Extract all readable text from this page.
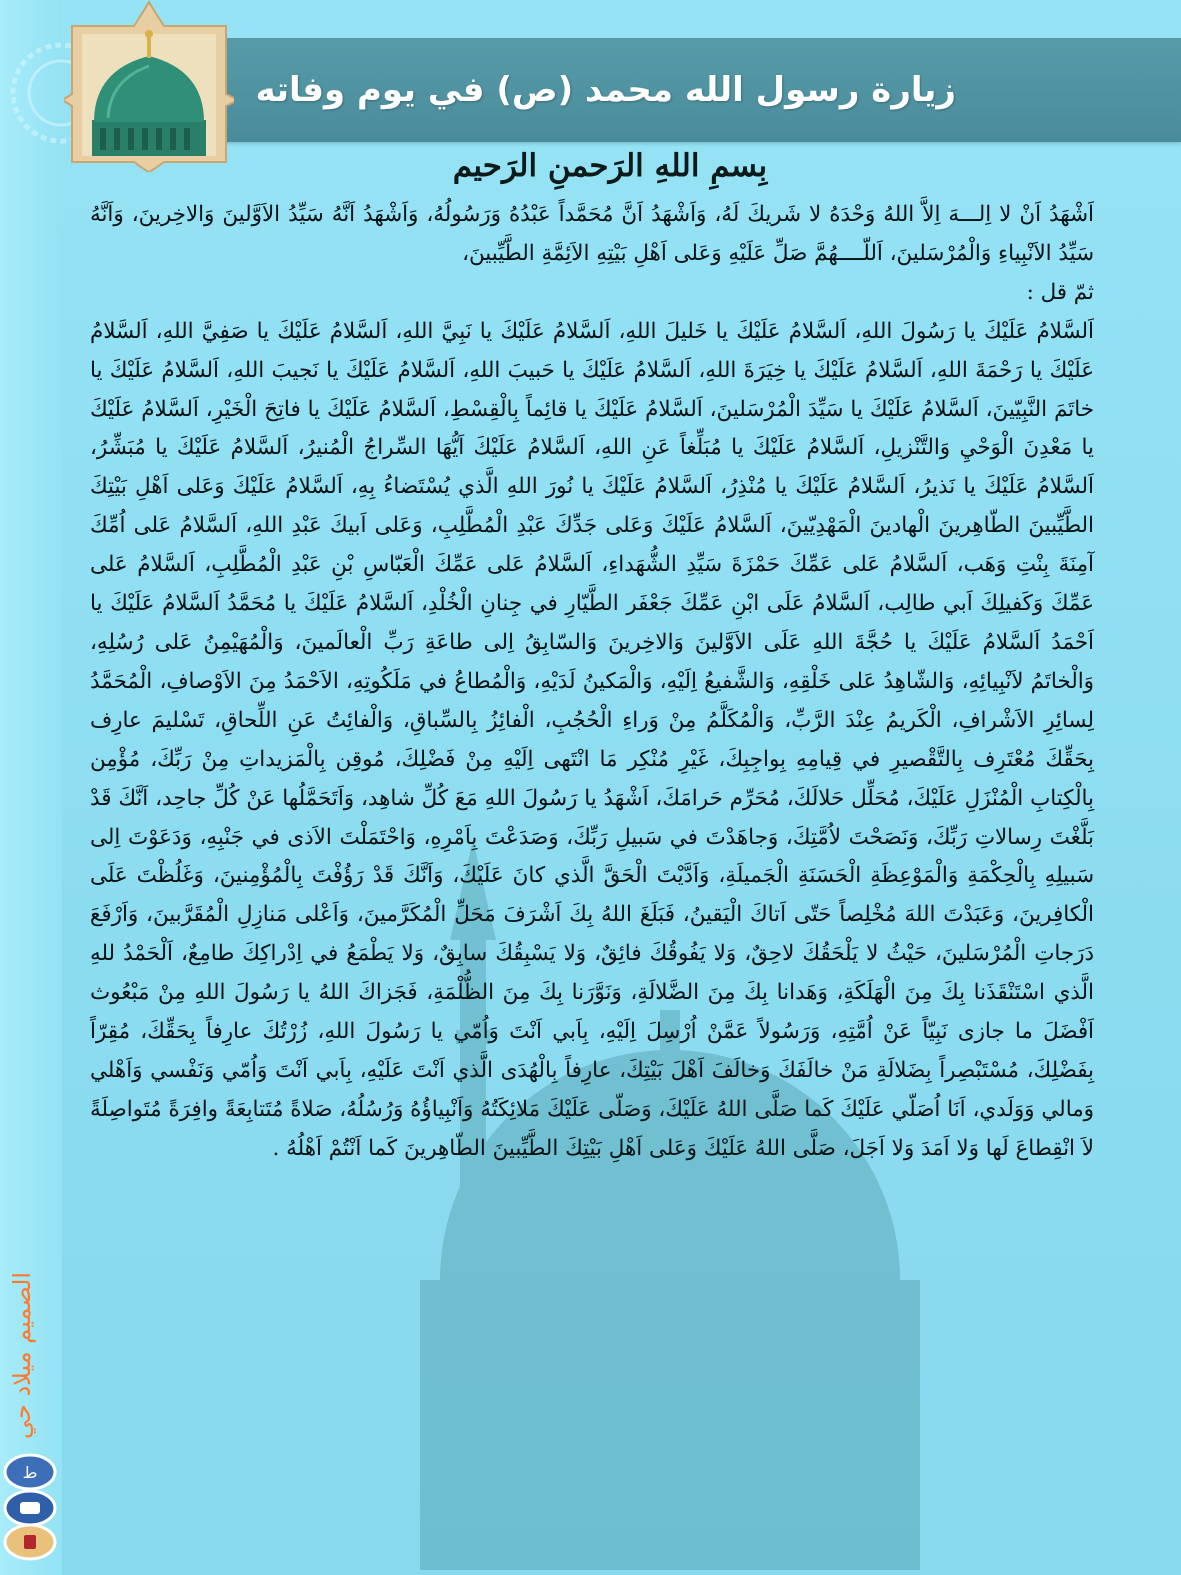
زيارة رسول الله محمد (ص) في يوم وفاته
بِسمِ اللهِ الرَحمنِ الرَحيم

اَشْهَدُ اَنْ لا اِلـــهَ اِلاَّ اللهُ وَحْدَهُ لا شَريكَ لَهُ، وَاَشْهَدُ اَنَّ مُحَمَّداً عَبْدُهُ وَرَسُولُهُ، وَاَشْهَدُ اَنَّهُ سَيِّدُ الاَوَّلينَ وَالاخِرينَ، وَاَنَّهُ سَيِّدُ الاَنْبِياءِ وَالْمُرْسَلينَ، اَللّــــهُمَّ صَلِّ عَلَيْهِ وَعَلى اَهْلِ بَيْتِهِ الاَئِمَّةِ الطَّيِّبينَ،

ثمّ قل :

اَلسَّلامُ عَلَيْكَ يا رَسُولَ اللهِ، اَلسَّلامُ عَلَيْكَ يا خَليلَ اللهِ، اَلسَّلامُ عَلَيْكَ يا نَبِيَّ اللهِ، اَلسَّلامُ عَلَيْكَ يا صَفِيَّ اللهِ، اَلسَّلامُ عَلَيْكَ يا رَحْمَةَ اللهِ، اَلسَّلامُ عَلَيْكَ يا خِيَرَةَ اللهِ، اَلسَّلامُ عَلَيْكَ يا حَبيبَ اللهِ، اَلسَّلامُ عَلَيْكَ يا نَجيبَ اللهِ، اَلسَّلامُ عَلَيْكَ يا خاتَمَ النَّبِيّينَ، اَلسَّلامُ عَلَيْكَ يا سَيِّدَ الْمُرْسَلينَ، اَلسَّلامُ عَلَيْكَ يا قائِماً بِالْقِسْطِ، اَلسَّلامُ عَلَيْكَ يا فاتِحَ الْخَيْرِ، اَلسَّلامُ عَلَيْكَ يا مَعْدِنَ الْوَحْيِ وَالتَّنْزيلِ، اَلسَّلامُ عَلَيْكَ يا مُبَلِّغاً عَنِ اللهِ، اَلسَّلامُ عَلَيْكَ اَيُّهَا السِّراجُ الْمُنيرُ، اَلسَّلامُ عَلَيْكَ يا مُبَشِّرُ، اَلسَّلامُ عَلَيْكَ يا نَذيرُ، اَلسَّلامُ عَلَيْكَ يا مُنْذِرُ، اَلسَّلامُ عَلَيْكَ يا نُورَ اللهِ الَّذي يُسْتَضاءُ بِهِ، اَلسَّلامُ عَلَيْكَ وَعَلى اَهْلِ بَيْتِكَ الطَّيِّبينَ الطّاهِرينَ الْهادينَ الْمَهْدِيّينَ، اَلسَّلامُ عَلَيْكَ وَعَلى جَدِّكَ عَبْدِ الْمُطَّلِبِ، وَعَلى اَبيكَ عَبْدِ اللهِ، اَلسَّلامُ عَلى اُمِّكَ آمِنَةَ بِنْتِ وَهَب، اَلسَّلامُ عَلى عَمِّكَ حَمْزَةَ سَيِّدِ الشُّهَداءِ، اَلسَّلامُ عَلى عَمِّكَ الْعَبّاسِ بْنِ عَبْدِ الْمُطَّلِبِ، اَلسَّلامُ عَلى عَمِّكَ وَكَفيلِكَ اَبي طالِب، اَلسَّلامُ عَلَى ابْنِ عَمِّكَ جَعْفَر الطَّيّارِ في جِنانِ الْخُلْدِ، اَلسَّلامُ عَلَيْكَ يا مُحَمَّدُ اَلسَّلامُ عَلَيْكَ يا اَحْمَدُ اَلسَّلامُ عَلَيْكَ يا حُجَّةَ اللهِ عَلَى الاَوَّلينَ وَالاخِرينَ وَالسّابِقُ اِلى طاعَةِ رَبِّ الْعالَمينَ، وَالْمُهَيْمِنُ عَلى رُسُلِهِ، وَالْخاتَمُ لاَنْبِيائِهِ، وَالشّاهِدُ عَلى خَلْقِهِ، وَالشَّفيعُ اِلَيْهِ، وَالْمَكينُ لَدَيْهِ، وَالْمُطاعُ في مَلَكُوتِهِ، الاَحْمَدُ مِنَ الاَوْصافِ، الْمُحَمَّدُ لِسائِرِ الاَشْرافِ، الْكَريمُ عِنْدَ الرَّبِّ، وَالْمُكَلَّمُ مِنْ وَراءِ الْحُجُبِ، الْفائِزُ بِالسِّباقِ، وَالْفائِتُ عَنِ اللِّحاقِ، تَسْليمَ عارِف بِحَقِّكَ مُعْتَرِف بِالتَّقْصيرِ في قِيامِهِ بِواجِبِكَ، غَيْرِ مُنْكِر مَا انْتَهى اِلَيْهِ مِنْ فَضْلِكَ، مُوقِن بِالْمَزيداتِ مِنْ رَبِّكَ، مُؤْمِن بِالْكِتابِ الْمُنْزَلِ عَلَيْكَ، مُحَلِّل حَلالَكَ، مُحَرِّم حَرامَكَ، اَشْهَدُ يا رَسُولَ اللهِ مَعَ كُلِّ شاهِد، وَاَتَحَمَّلُها عَنْ كُلِّ جاحِد، اَنَّكَ قَدْ بَلَّغْتَ رِسالاتِ رَبِّكَ، وَنَصَحْتَ لاُمَّتِكَ، وَجاهَدْتَ في سَبيلِ رَبِّكَ، وَصَدَعْتَ بِاَمْرِهِ، وَاحْتَمَلْتَ الاَذى في جَنْبِهِ، وَدَعَوْتَ اِلى سَبيلِهِ بِالْحِكْمَةِ وَالْمَوْعِظَةِ الْحَسَنَةِ الْجَميلَةِ، وَاَدَّيْتَ الْحَقَّ الَّذي كانَ عَلَيْكَ، وَاَنَّكَ قَدْ رَؤُفْتَ بِالْمُؤْمِنينَ، وَغَلُظْتَ عَلَى الْكافِرينَ، وَعَبَدْتَ اللهَ مُخْلِصاً حَتّى اَتاكَ الْيَقينُ، فَبَلَغَ اللهُ بِكَ اَشْرَفَ مَحَلِّ الْمُكَرَّمينَ، وَاَعْلى مَنازِلِ الْمُقَرَّبينَ، وَاَرْفَعَ دَرَجاتِ الْمُرْسَلينَ، حَيْثُ لا يَلْحَقُكَ لاحِقٌ، وَلا يَفُوقُكَ فائِقٌ، وَلا يَسْبِقُكَ سابِقٌ، وَلا يَطْمَعُ في اِدْراكِكَ طامِعٌ، اَلْحَمْدُ للهِ الَّذي اسْتَنْقَذَنا بِكَ مِنَ الْهَلَكَةِ، وَهَدانا بِكَ مِنَ الضَّلالَةِ، وَنَوَّرَنا بِكَ مِنَ الظُّلْمَةِ، فَجَزاكَ اللهُ يا رَسُولَ اللهِ مِنْ مَبْعُوث اَفْضَلَ ما جازى نَبِيّاً عَنْ اُمَّتِهِ، وَرَسُولاً عَمَّنْ اُرْسِلَ اِلَيْهِ، بِاَبي اَنْتَ وَاُمّي يا رَسُولَ اللهِ، زُرْتُكَ عارِفاً بِحَقِّكَ، مُقِرّاً بِفَضْلِكَ، مُسْتَبْصِراً بِضَلالَةِ مَنْ خالَفَكَ وَخالَفَ اَهْلَ بَيْتِكَ، عارِفاً بِالْهُدَى الَّذي اَنْتَ عَلَيْهِ، بِاَبي اَنْتَ وَاُمّي وَنَفْسي وَاَهْلي وَمالي وَوَلَدي، اَنَا اُصَلّي عَلَيْكَ كَما صَلَّى اللهُ عَلَيْكَ، وَصَلّى عَلَيْكَ مَلائِكَتُهُ وَاَنْبِياؤُهُ وَرُسُلُهُ، صَلاةً مُتَتابِعَةً وافِرَةً مُتَواصِلَةً لاَ انْقِطاعَ لَها وَلا اَمَدَ وَلا اَجَلَ، صَلَّى اللهُ عَلَيْكَ وَعَلى اَهْلِ بَيْتِكَ الطَّيِّبينَ الطّاهِرينَ كَما اَنْتُمْ اَهْلُهُ .

الصميم ميلاد حي
ط
